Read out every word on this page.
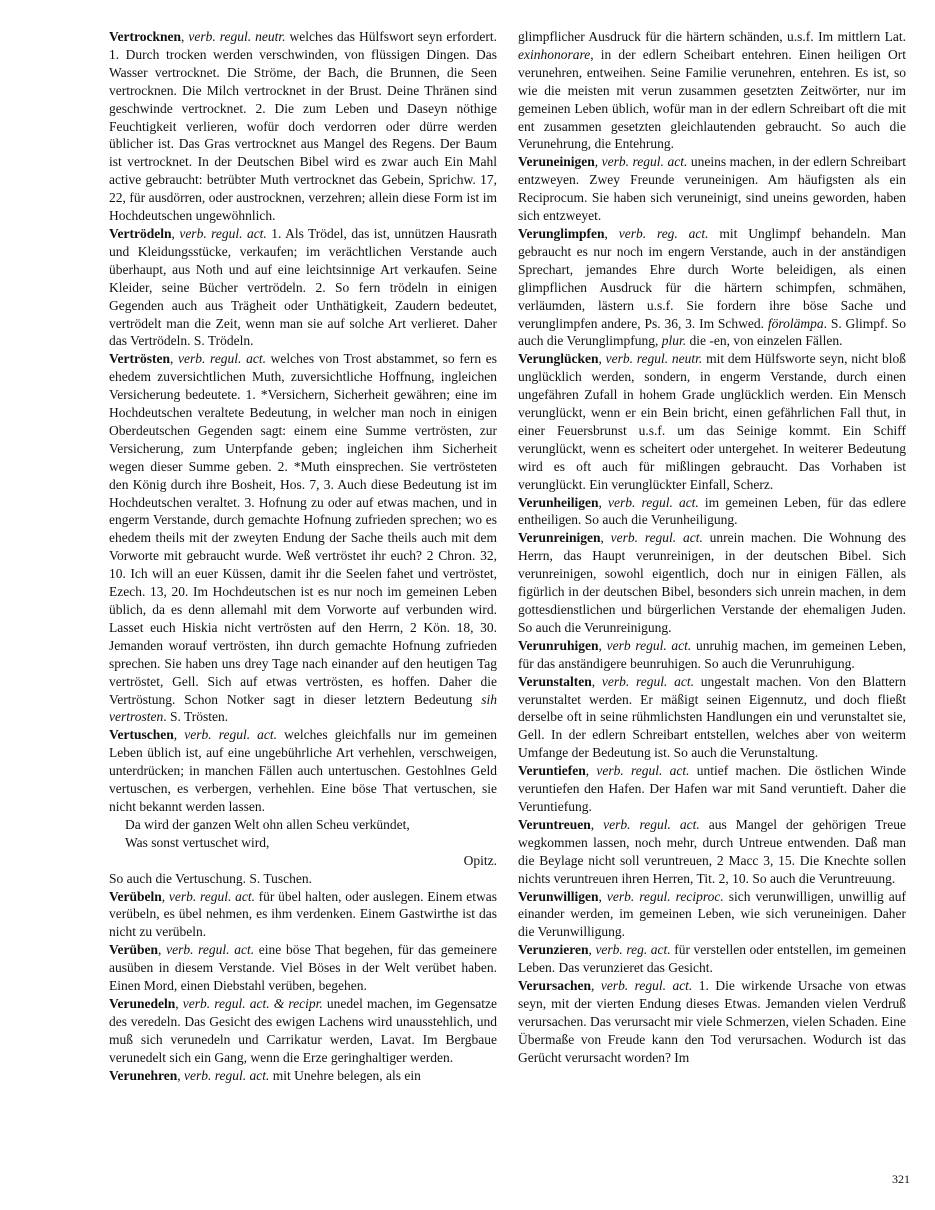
Vertrocknen, verb. regul. neutr. welches das Hülfswort seyn erfordert. 1. Durch trocken werden verschwinden, von flüssigen Dingen. Das Wasser vertrocknet. Die Ströme, der Bach, die Brunnen, die Seen vertrocknen. Die Milch vertrocknet in der Brust. Deine Thränen sind geschwinde vertrocknet. 2. Die zum Leben und Daseyn nöthige Feuchtigkeit verlieren, wofür doch verdorren oder dürre werden üblicher ist. Das Gras vertrocknet aus Mangel des Regens. Der Baum ist vertrocknet. In der Deutschen Bibel wird es zwar auch Ein Mahl active gebraucht: betrübter Muth vertrocknet das Gebein, Sprichw. 17, 22, für ausdörren, oder austrocknen, verzehren; allein diese Form ist im Hochdeutschen ungewöhnlich.

Vertrödeln, verb. regul. act. 1. Als Trödel, das ist, unnützen Hausrath und Kleidungsstücke, verkaufen; im verächtlichen Verstande auch überhaupt, aus Noth und auf eine leichtsinnige Art verkaufen. Seine Kleider, seine Bücher vertrödeln. 2. So fern trödeln in einigen Gegenden auch aus Trägheit oder Unthätigkeit, Zaudern bedeutet, vertrödelt man die Zeit, wenn man sie auf solche Art verlieret. Daher das Vertrödeln. S. Trödeln.

Vertrösten, verb. regul. act. welches von Trost abstammet, so fern es ehedem zuversichtlichen Muth, zuversichtliche Hoffnung, ingleichen Versicherung bedeutete. 1. *Versichern, Sicherheit gewähren; eine im Hochdeutschen veraltete Bedeutung, in welcher man noch in einigen Oberdeutschen Gegenden sagt: einem eine Summe vertrösten, zur Versicherung, zum Unterpfande geben; ingleichen ihm Sicherheit wegen dieser Summe geben. 2. *Muth einsprechen. Sie vertrösteten den König durch ihre Bosheit, Hos. 7, 3. Auch diese Bedeutung ist im Hochdeutschen veraltet. 3. Hofnung zu oder auf etwas machen, und in engerm Verstande, durch gemachte Hofnung zufrieden sprechen; wo es ehedem theils mit der zweyten Endung der Sache theils auch mit dem Vorworte mit gebraucht wurde. Weß vertröstet ihr euch? 2 Chron. 32, 10. Ich will an euer Küssen, damit ihr die Seelen fahet und vertröstet, Ezech. 13, 20. Im Hochdeutschen ist es nur noch im gemeinen Leben üblich, da es denn allemahl mit dem Vorworte auf verbunden wird. Lasset euch Hiskia nicht vertrösten auf den Herrn, 2 Kön. 18, 30. Jemanden worauf vertrösten, ihn durch gemachte Hofnung zufrieden sprechen. Sie haben uns drey Tage nach einander auf den heutigen Tag vertröstet, Gell. Sich auf etwas vertrösten, es hoffen. Daher die Vertröstung. Schon Notker sagt in dieser letztern Bedeutung sih vertrosten. S. Trösten.

Vertuschen, verb. regul. act. welches gleichfalls nur im gemeinen Leben üblich ist, auf eine ungebührliche Art verhehlen, verschweigen, unterdrücken; in manchen Fällen auch untertuschen. Gestohlnes Geld vertuschen, es verbergen, verhehlen. Eine böse That vertuschen, sie nicht bekannt werden lassen.

Da wird der ganzen Welt ohn allen Scheu verkündet,

Was sonst vertuschet wird,

Opitz.

So auch die Vertuschung. S. Tuschen.

Verübeln, verb. regul. act. für übel halten, oder auslegen. Einem etwas verübeln, es übel nehmen, es ihm verdenken. Einem Gastwirthe ist das nicht zu verübeln.

Verüben, verb. regul. act. eine böse That begehen, für das gemeinere ausüben in diesem Verstande. Viel Böses in der Welt verübet haben. Einen Mord, einen Diebstahl verüben, begehen.

Verunedeln, verb. regul. act. & recipr. unedel machen, im Gegensatze des veredeln. Das Gesicht des ewigen Lachens wird unausstehlich, und muß sich verunedeln und Carrikatur werden, Lavat. Im Bergbaue verunedelt sich ein Gang, wenn die Erze geringhaltiger werden.

Verunehren, verb. regul. act. mit Unehre belegen, als ein

glimpflicher Ausdruck für die härtern schänden, u.s.f. Im mittlern Lat. exinhonorare, in der edlern Scheibart entehren. Einen heiligen Ort verunehren, entweihen. Seine Familie verunehren, entehren. Es ist, so wie die meisten mit verun zusammen gesetzten Zeitwörter, nur im gemeinen Leben üblich, wofür man in der edlern Schreibart oft die mit ent zusammen gesetzten gleichlautenden gebraucht. So auch die Verunehrung, die Entehrung.

Veruneinigen, verb. regul. act. uneins machen, in der edlern Schreibart entzweyen. Zwey Freunde veruneinigen. Am häufigsten als ein Reciprocum. Sie haben sich veruneinigt, sind uneins geworden, haben sich entzweyet.

Verunglimpfen, verb. reg. act. mit Unglimpf behandeln. Man gebraucht es nur noch im engern Verstande, auch in der anständigen Sprechart, jemandes Ehre durch Worte beleidigen, als einen glimpflichen Ausdruck für die härtern schimpfen, schmähen, verläumden, lästern u.s.f. Sie fordern ihre böse Sache und verunglimpfen andere, Ps. 36, 3. Im Schwed. förolämpa. S. Glimpf. So auch die Verunglimpfung, plur. die -en, von einzelen Fällen.

Verunglücken, verb. regul. neutr. mit dem Hülfsworte seyn, nicht bloß unglücklich werden, sondern, in engerm Verstande, durch einen ungefähren Zufall in hohem Grade unglücklich werden. Ein Mensch verunglückt, wenn er ein Bein bricht, einen gefährlichen Fall thut, in einer Feuersbrunst u.s.f. um das Seinige kommt. Ein Schiff verunglückt, wenn es scheitert oder untergehet. In weiterer Bedeutung wird es oft auch für mißlingen gebraucht. Das Vorhaben ist verunglückt. Ein verunglückter Einfall, Scherz.

Verunheiligen, verb. regul. act. im gemeinen Leben, für das edlere entheiligen. So auch die Verunheiligung.

Verunreinigen, verb. regul. act. unrein machen. Die Wohnung des Herrn, das Haupt verunreinigen, in der deutschen Bibel. Sich verunreinigen, sowohl eigentlich, doch nur in einigen Fällen, als figürlich in der deutschen Bibel, besonders sich unrein machen, in dem gottesdienstlichen und bürgerlichen Verstande der ehemaligen Juden. So auch die Verunreinigung.

Verunruhigen, verb regul. act. unruhig machen, im gemeinen Leben, für das anständigere beunruhigen. So auch die Verunruhigung.

Verunstalten, verb. regul. act. ungestalt machen. Von den Blattern verunstaltet werden. Er mäßigt seinen Eigennutz, und doch fließt derselbe oft in seine rühmlichsten Handlungen ein und verunstaltet sie, Gell. In der edlern Schreibart entstellen, welches aber von weiterm Umfange der Bedeutung ist. So auch die Verunstaltung.

Veruntiefen, verb. regul. act. untief machen. Die östlichen Winde veruntiefen den Hafen. Der Hafen war mit Sand veruntieft. Daher die Veruntiefung.

Veruntreuen, verb. regul. act. aus Mangel der gehörigen Treue wegkommen lassen, noch mehr, durch Untreue entwenden. Daß man die Beylage nicht soll veruntreuen, 2 Macc 3, 15. Die Knechte sollen nichts veruntreuen ihren Herren, Tit. 2, 10. So auch die Veruntreuung.

Verunwilligen, verb. regul. reciproc. sich verunwilligen, unwillig auf einander werden, im gemeinen Leben, wie sich veruneinigen. Daher die Verunwilligung.

Verunzieren, verb. reg. act. für verstellen oder entstellen, im gemeinen Leben. Das verunzieret das Gesicht.

Verursachen, verb. regul. act. 1. Die wirkende Ursache von etwas seyn, mit der vierten Endung dieses Etwas. Jemanden vielen Verdruß verursachen. Das verursacht mir viele Schmerzen, vielen Schaden. Eine Übermaße von Freude kann den Tod verursachen. Wodurch ist das Gerücht verursacht worden? Im

321
